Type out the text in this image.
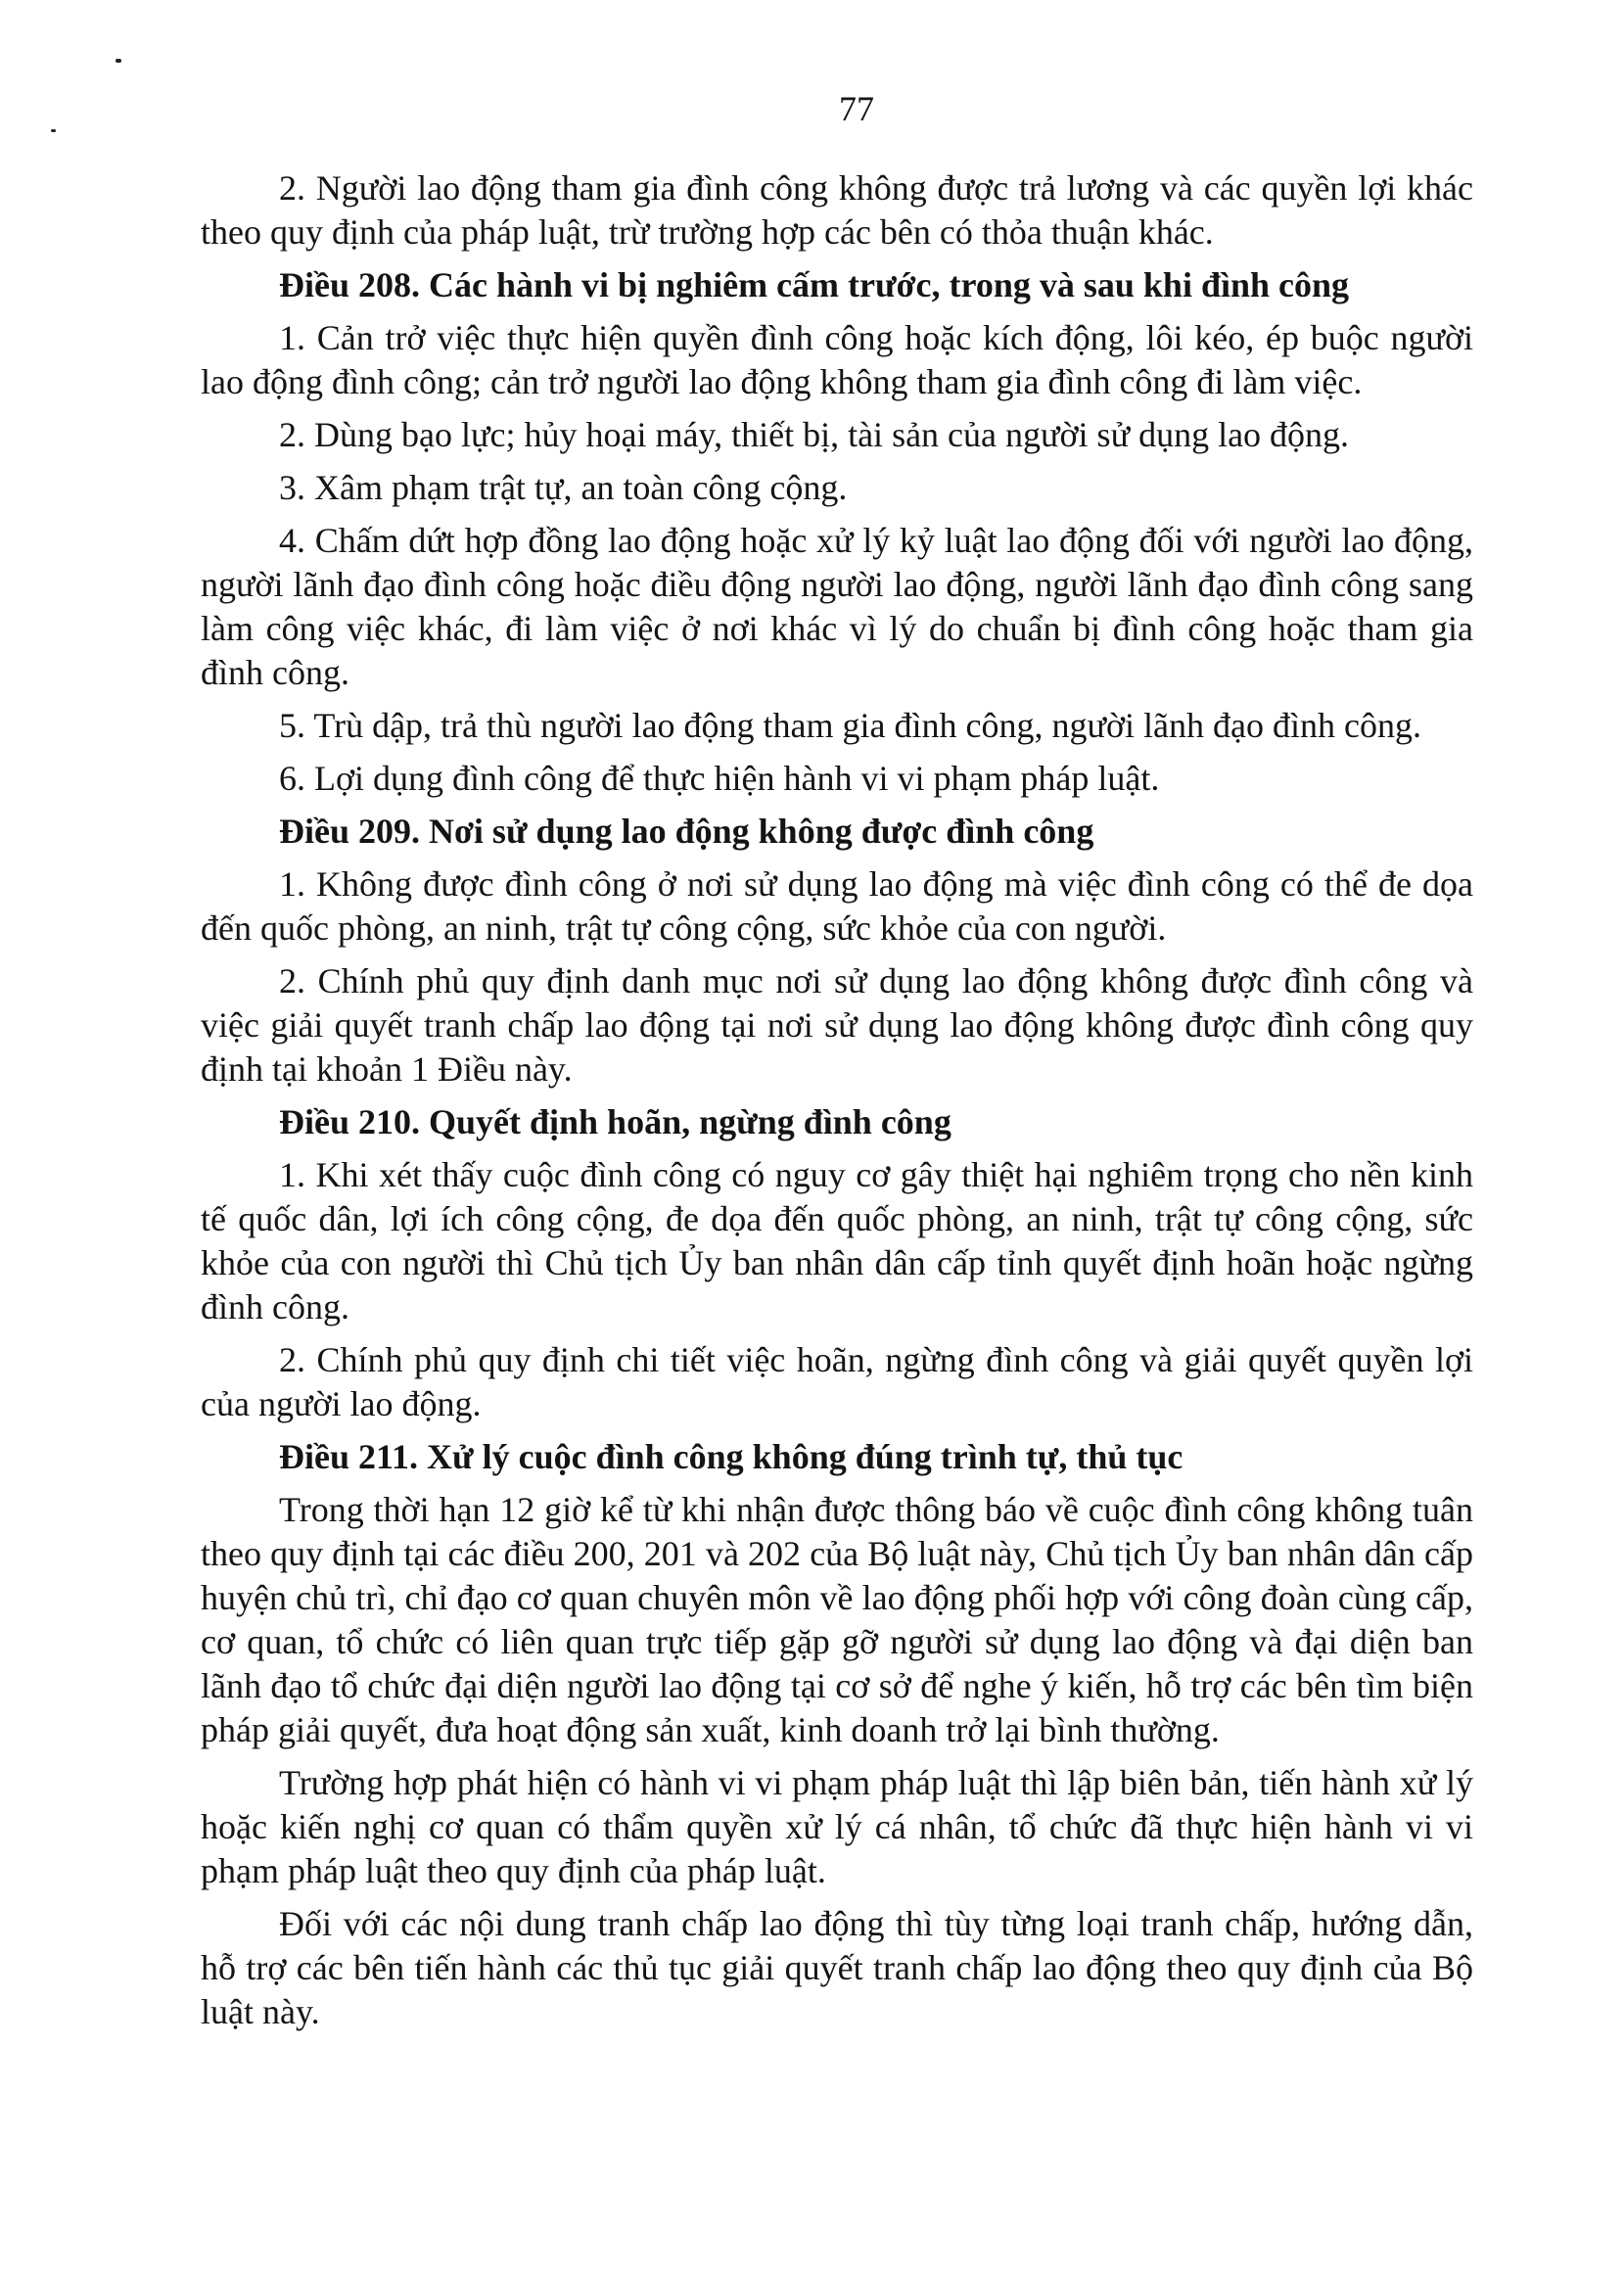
77
2. Người lao động tham gia đình công không được trả lương và các quyền lợi khác theo quy định của pháp luật, trừ trường hợp các bên có thỏa thuận khác.
Điều 208. Các hành vi bị nghiêm cấm trước, trong và sau khi đình công
1. Cản trở việc thực hiện quyền đình công hoặc kích động, lôi kéo, ép buộc người lao động đình công; cản trở người lao động không tham gia đình công đi làm việc.
2. Dùng bạo lực; hủy hoại máy, thiết bị, tài sản của người sử dụng lao động.
3. Xâm phạm trật tự, an toàn công cộng.
4. Chấm dứt hợp đồng lao động hoặc xử lý kỷ luật lao động đối với người lao động, người lãnh đạo đình công hoặc điều động người lao động, người lãnh đạo đình công sang làm công việc khác, đi làm việc ở nơi khác vì lý do chuẩn bị đình công hoặc tham gia đình công.
5. Trù dập, trả thù người lao động tham gia đình công, người lãnh đạo đình công.
6. Lợi dụng đình công để thực hiện hành vi vi phạm pháp luật.
Điều 209. Nơi sử dụng lao động không được đình công
1. Không được đình công ở nơi sử dụng lao động mà việc đình công có thể đe dọa đến quốc phòng, an ninh, trật tự công cộng, sức khỏe của con người.
2. Chính phủ quy định danh mục nơi sử dụng lao động không được đình công và việc giải quyết tranh chấp lao động tại nơi sử dụng lao động không được đình công quy định tại khoản 1 Điều này.
Điều 210. Quyết định hoãn, ngừng đình công
1. Khi xét thấy cuộc đình công có nguy cơ gây thiệt hại nghiêm trọng cho nền kinh tế quốc dân, lợi ích công cộng, đe dọa đến quốc phòng, an ninh, trật tự công cộng, sức khỏe của con người thì Chủ tịch Ủy ban nhân dân cấp tỉnh quyết định hoãn hoặc ngừng đình công.
2. Chính phủ quy định chi tiết việc hoãn, ngừng đình công và giải quyết quyền lợi của người lao động.
Điều 211. Xử lý cuộc đình công không đúng trình tự, thủ tục
Trong thời hạn 12 giờ kể từ khi nhận được thông báo về cuộc đình công không tuân theo quy định tại các điều 200, 201 và 202 của Bộ luật này, Chủ tịch Ủy ban nhân dân cấp huyện chủ trì, chỉ đạo cơ quan chuyên môn về lao động phối hợp với công đoàn cùng cấp, cơ quan, tổ chức có liên quan trực tiếp gặp gỡ người sử dụng lao động và đại diện ban lãnh đạo tổ chức đại diện người lao động tại cơ sở để nghe ý kiến, hỗ trợ các bên tìm biện pháp giải quyết, đưa hoạt động sản xuất, kinh doanh trở lại bình thường.
Trường hợp phát hiện có hành vi vi phạm pháp luật thì lập biên bản, tiến hành xử lý hoặc kiến nghị cơ quan có thẩm quyền xử lý cá nhân, tổ chức đã thực hiện hành vi vi phạm pháp luật theo quy định của pháp luật.
Đối với các nội dung tranh chấp lao động thì tùy từng loại tranh chấp, hướng dẫn, hỗ trợ các bên tiến hành các thủ tục giải quyết tranh chấp lao động theo quy định của Bộ luật này.
